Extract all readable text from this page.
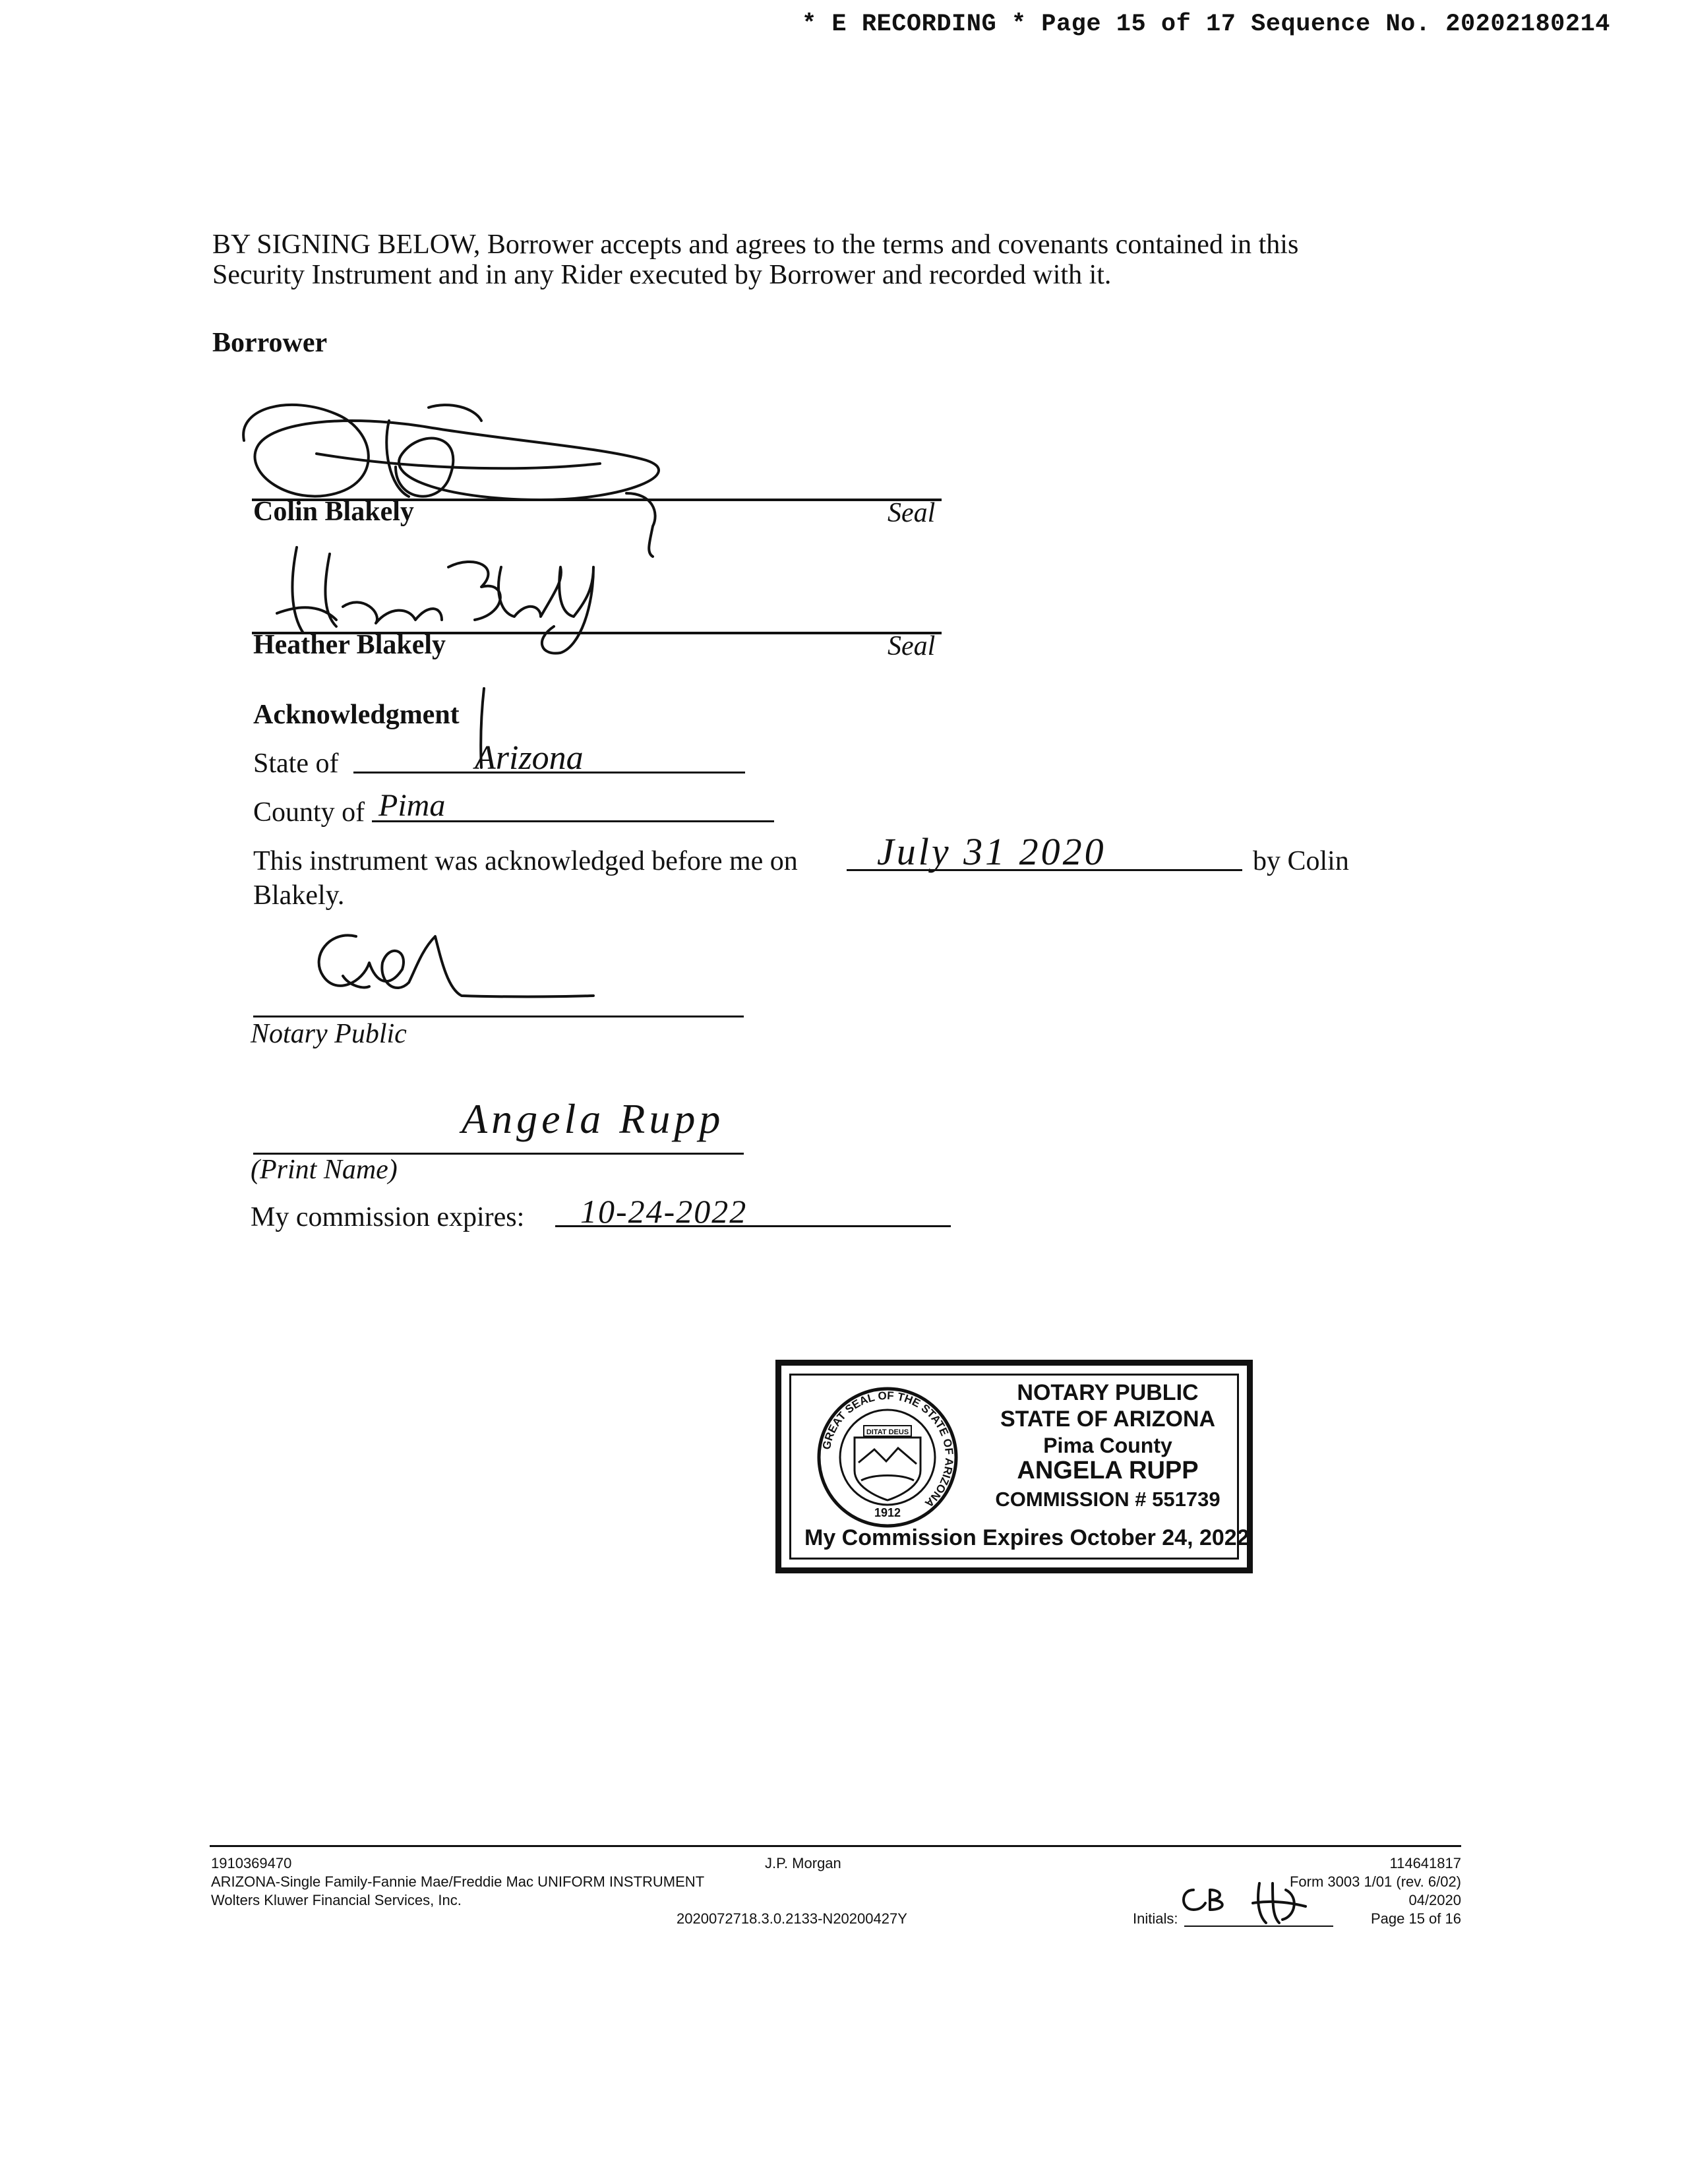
* E RECORDING * Page 15 of 17 Sequence No. 20202180214
BY SIGNING BELOW, Borrower accepts and agrees to the terms and covenants contained in this
Security Instrument and in any Rider executed by Borrower and recorded with it.
Borrower
Colin Blakely	Seal
Heather Blakely	Seal
Acknowledgment
State of	Arizona
County of Pima
This instrument was acknowledged before me on July 31 2020	by Colin
Blakely.
Notary Public
(Print Name)
Angela Rupp
My commission expires: 10-24-2022
GREAT SEAL OF THE STATE OF ARIZONA
DITAT DEUS
1912
NOTARY PUBLIC
STATE OF ARIZONA
Pima County
ANGELA RUPP
COMMISSION # 551739
My Commission Expires October 24, 2022
1910369470
ARIZONA-Single Family-Fannie Mae/Freddie Mac UNIFORM INSTRUMENT
Wolters Kluwer Financial Services, Inc.
J.P. Morgan
2020072718.3.0.2133-N20200427Y
114641817
Form 3003 1/01 (rev. 6/02)
04/2020
Page 15 of 16
Initials:
